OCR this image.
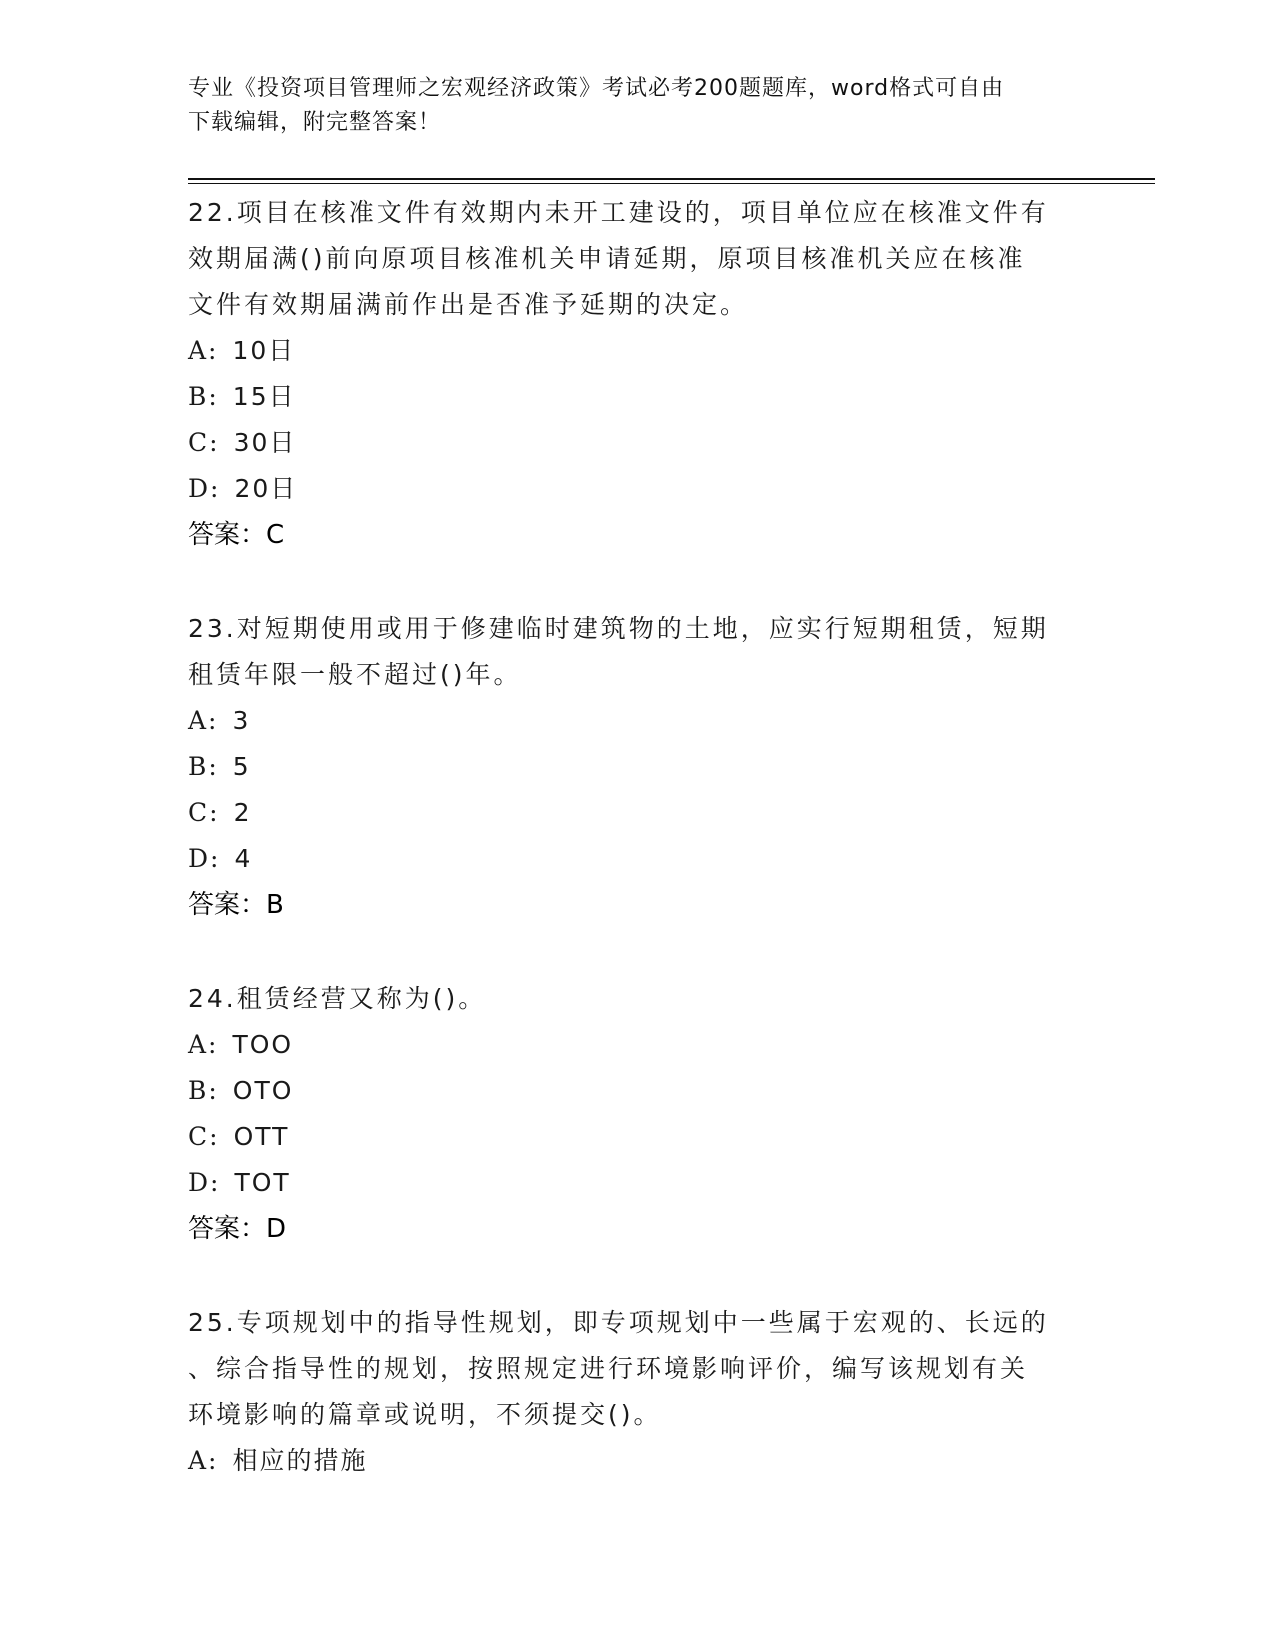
专业《投资项目管理师之宏观经济政策》考试必考200题题库，word格式可自由
下载编辑，附完整答案！
22.项目在核准文件有效期内未开工建设的，项目单位应在核准文件有
效期届满()前向原项目核准机关申请延期，原项目核准机关应在核准
文件有效期届满前作出是否准予延期的决定。
A: 10日
B: 15日
C: 30日
D: 20日
答案：C
23.对短期使用或用于修建临时建筑物的土地，应实行短期租赁，短期
租赁年限一般不超过()年。
A: 3
B: 5
C: 2
D: 4
答案：B
24.租赁经营又称为()。
A: TOO
B: OTO
C: OTT
D: TOT
答案：D
25.专项规划中的指导性规划，即专项规划中一些属于宏观的、长远的
、综合指导性的规划，按照规定进行环境影响评价，编写该规划有关
环境影响的篇章或说明，不须提交()。
A: 相应的措施
